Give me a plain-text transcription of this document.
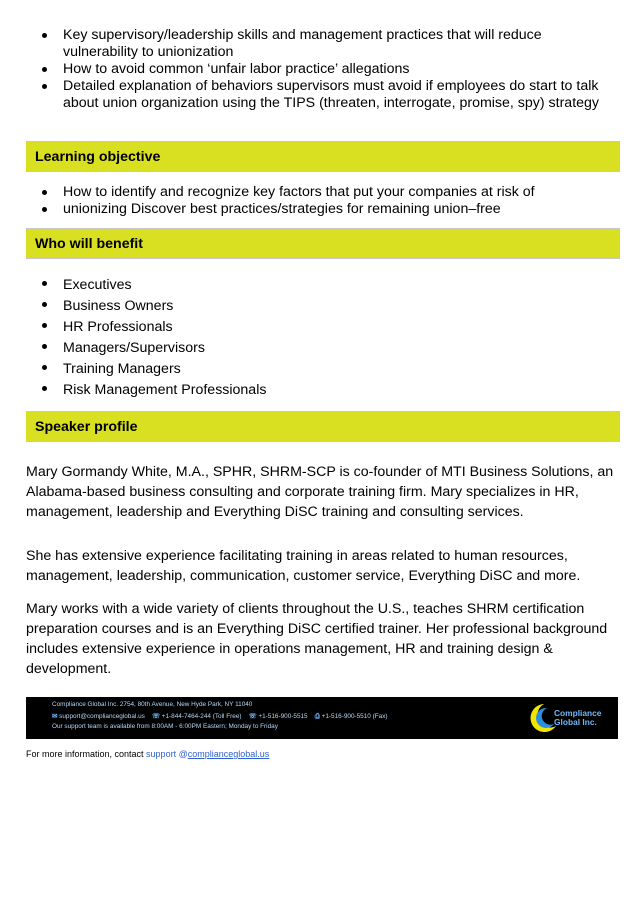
Key supervisory/leadership skills and management practices that will reduce vulnerability to unionization
How to avoid common ‘unfair labor practice’ allegations
Detailed explanation of behaviors supervisors must avoid if employees do start to talk about union organization using the TIPS (threaten, interrogate, promise, spy) strategy
Learning objective
How to identify and recognize key factors that put your companies at risk of
unionizing Discover best practices/strategies for remaining union–free
Who will benefit
Executives
Business Owners
HR Professionals
Managers/Supervisors
Training Managers
Risk Management Professionals
Speaker profile
Mary Gormandy White, M.A., SPHR, SHRM-SCP is co-founder of MTI Business Solutions, an Alabama-based business consulting and corporate training firm. Mary specializes in HR, management, leadership and Everything DiSC training and consulting services.
She has extensive experience facilitating training in areas related to human resources, management, leadership, communication, customer service, Everything DiSC and more.
Mary works with a wide variety of clients throughout the U.S., teaches SHRM certification preparation courses and is an Everything DiSC certified trainer. Her professional background includes extensive experience in operations management, HR and training design & development.
Compliance Global Inc. 2754, 80th Avenue, New Hyde Park, NY 11040
✉ support@complianceglobal.us ☏ +1-844-7464-244 (Toll Free) ☏ +1-516-900-5515 ⎙ +1-516-900-5510 (Fax)
Our support team is available from 8:00AM - 6:00PM Eastern; Monday to Friday
Compliance
Global Inc.
For more information, contact support @complianceglobal.us
